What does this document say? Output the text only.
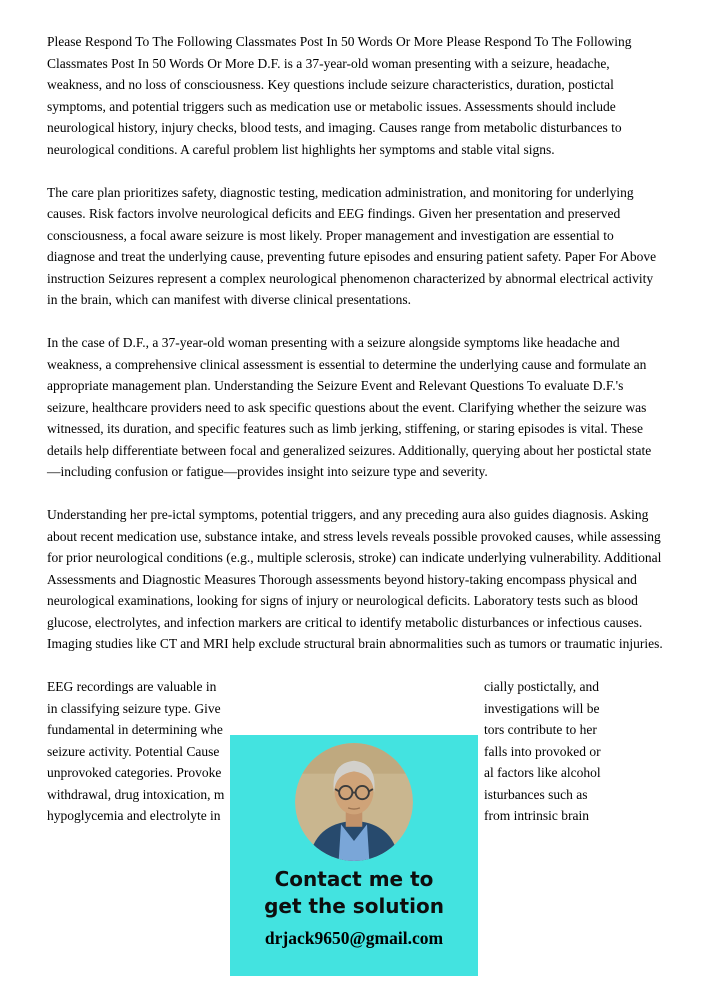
Please Respond To The Following Classmates Post In 50 Words Or More Please Respond To The Following Classmates Post In 50 Words Or More D.F. is a 37-year-old woman presenting with a seizure, headache, weakness, and no loss of consciousness. Key questions include seizure characteristics, duration, postictal symptoms, and potential triggers such as medication use or metabolic issues. Assessments should include neurological history, injury checks, blood tests, and imaging. Causes range from metabolic disturbances to neurological conditions. A careful problem list highlights her symptoms and stable vital signs.

The care plan prioritizes safety, diagnostic testing, medication administration, and monitoring for underlying causes. Risk factors involve neurological deficits and EEG findings. Given her presentation and preserved consciousness, a focal aware seizure is most likely. Proper management and investigation are essential to diagnose and treat the underlying cause, preventing future episodes and ensuring patient safety. Paper For Above instruction Seizures represent a complex neurological phenomenon characterized by abnormal electrical activity in the brain, which can manifest with diverse clinical presentations.

In the case of D.F., a 37-year-old woman presenting with a seizure alongside symptoms like headache and weakness, a comprehensive clinical assessment is essential to determine the underlying cause and formulate an appropriate management plan. Understanding the Seizure Event and Relevant Questions To evaluate D.F.'s seizure, healthcare providers need to ask specific questions about the event. Clarifying whether the seizure was witnessed, its duration, and specific features such as limb jerking, stiffening, or staring episodes is vital. These details help differentiate between focal and generalized seizures. Additionally, querying about her postictal state—including confusion or fatigue—provides insight into seizure type and severity.

Understanding her pre-ictal symptoms, potential triggers, and any preceding aura also guides diagnosis. Asking about recent medication use, substance intake, and stress levels reveals possible provoked causes, while assessing for prior neurological conditions (e.g., multiple sclerosis, stroke) can indicate underlying vulnerability. Additional Assessments and Diagnostic Measures Thorough assessments beyond history-taking encompass physical and neurological examinations, looking for signs of injury or neurological deficits. Laboratory tests such as blood glucose, electrolytes, and infection markers are critical to identify metabolic disturbances or infectious causes. Imaging studies like CT and MRI help exclude structural brain abnormalities such as tumors or traumatic injuries.

EEG recordings are valuable in	cially postictally, and
in classifying seizure type. Give	investigations will be
fundamental in determining whe	tors contribute to her
seizure activity. Potential Cause	falls into provoked or
unprovoked categories. Provoke	al factors like alcohol
withdrawal, drug intoxication, m	isturbances such as
hypoglycemia and electrolyte in	from intrinsic brain
Contact me to
get the solution
drjack9650@gmail.com
